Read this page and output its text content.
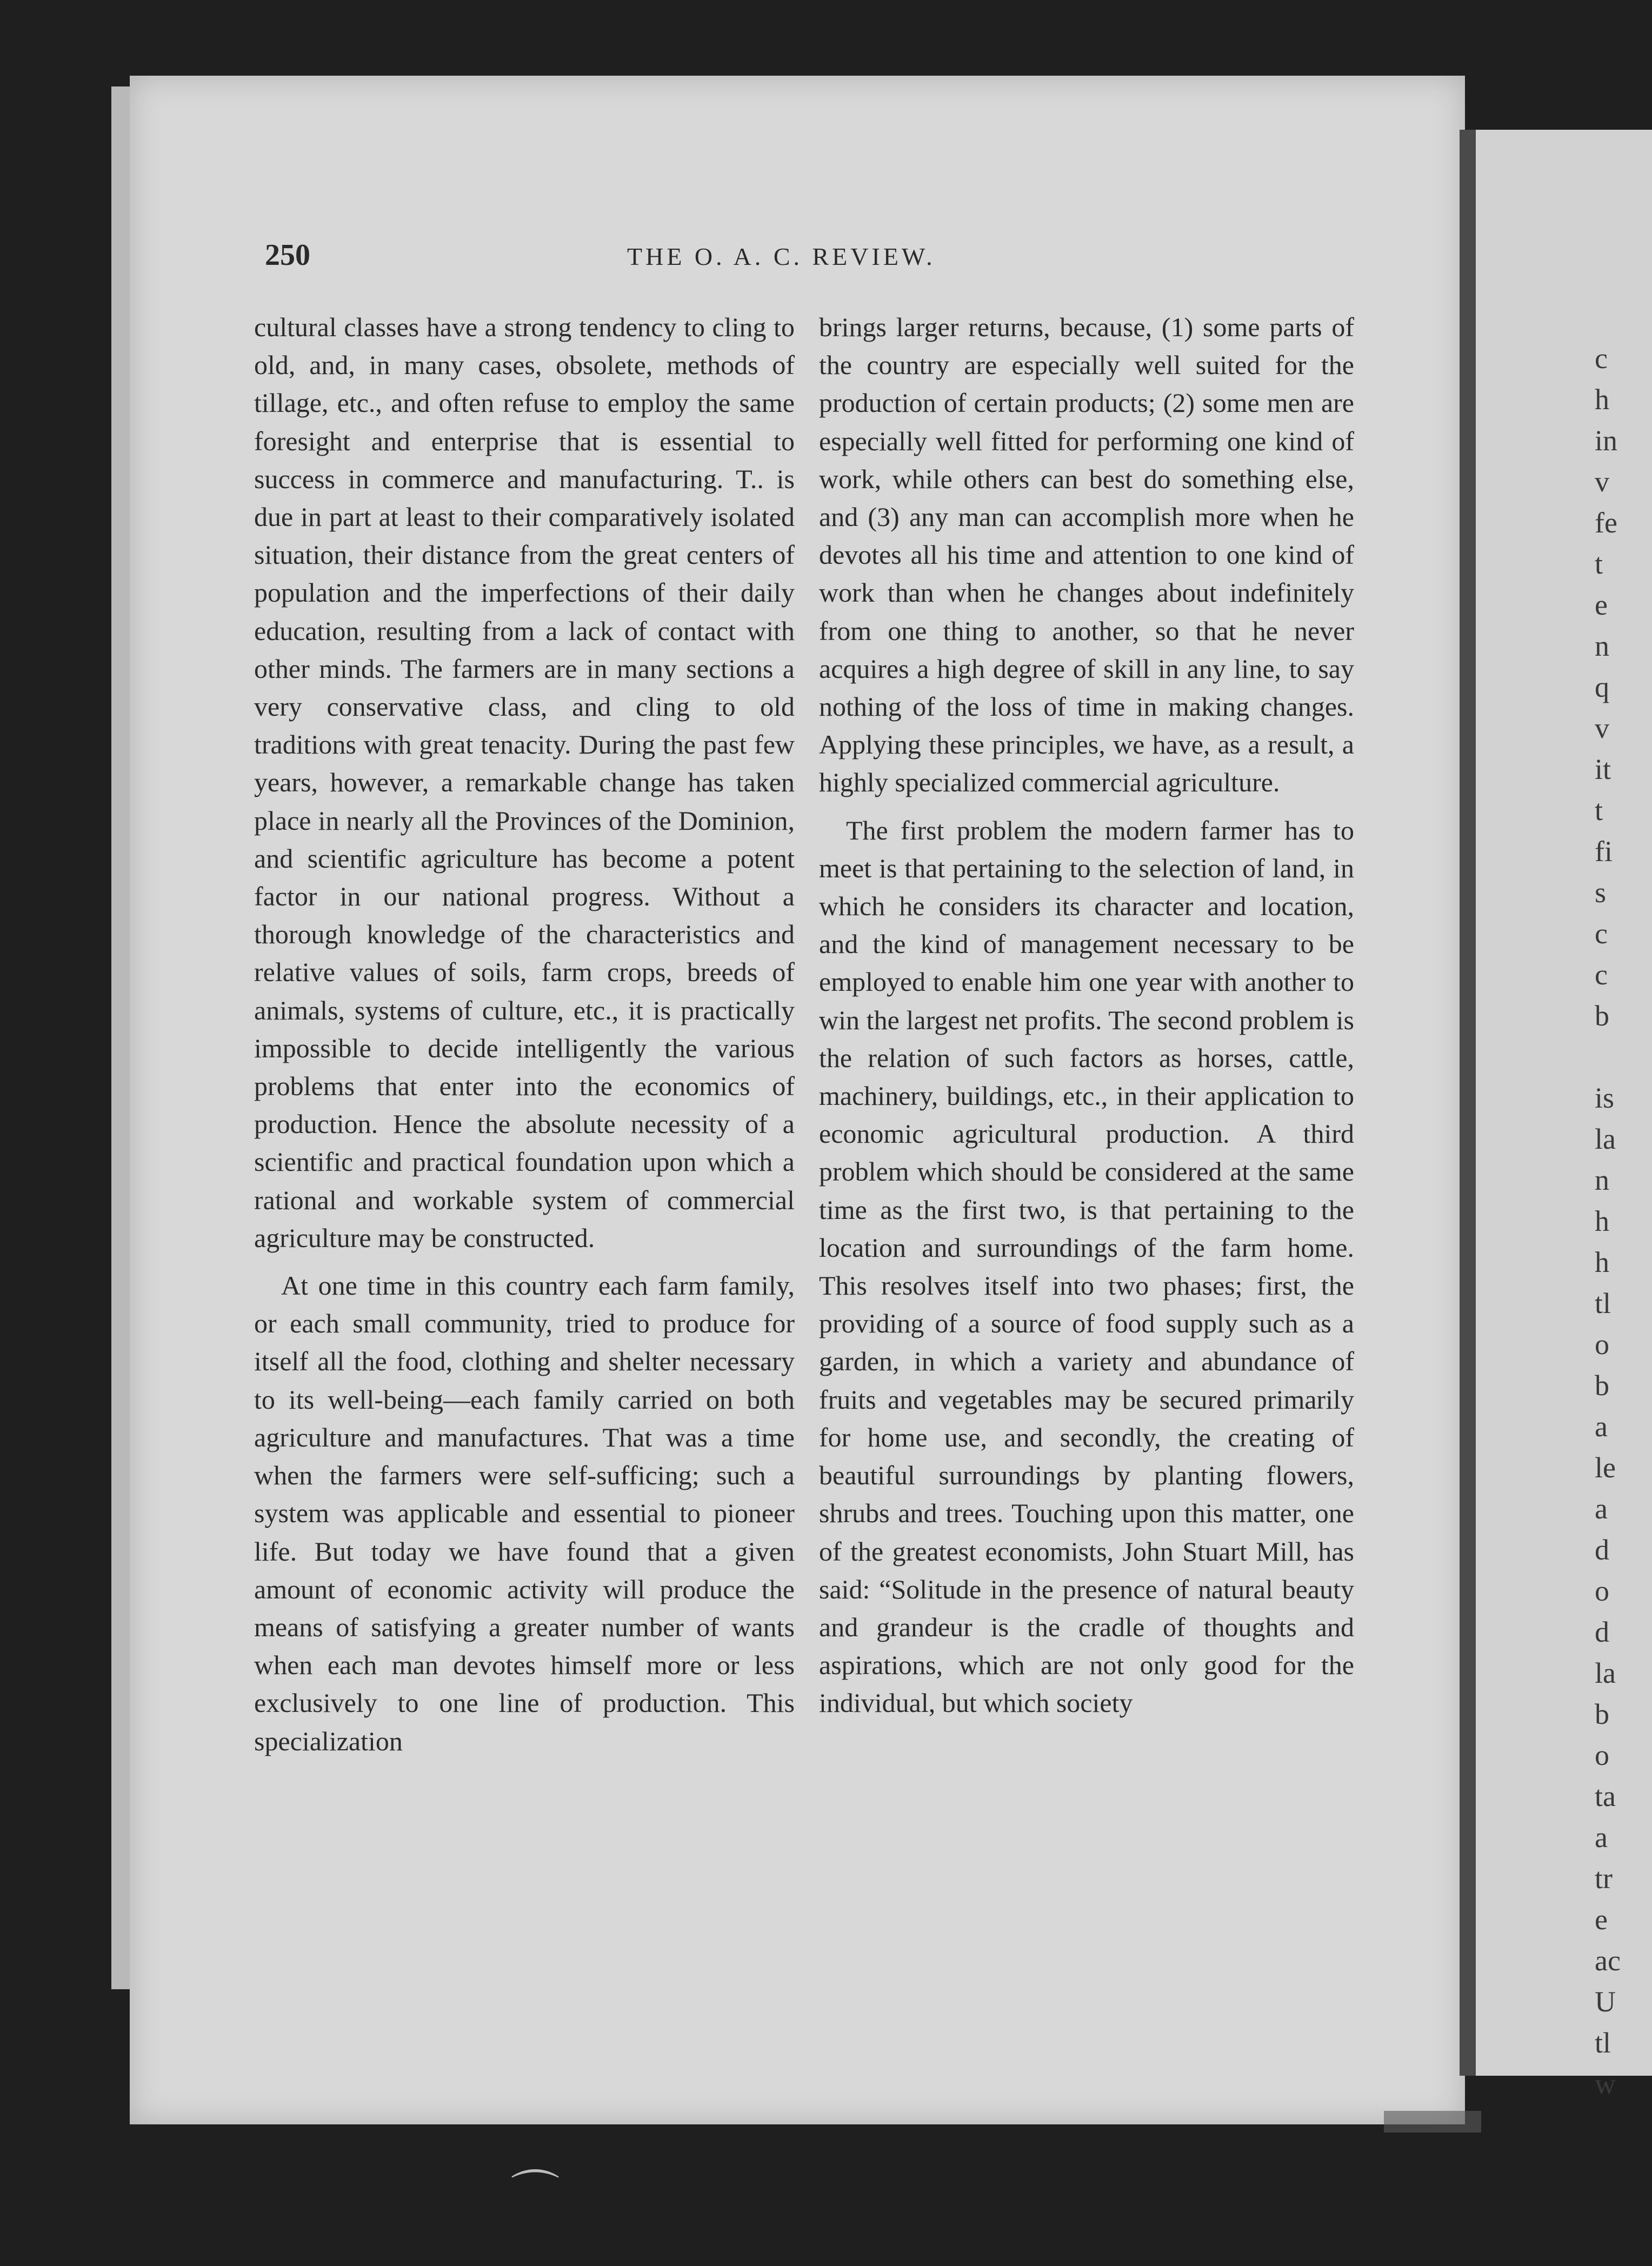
c
h
in
v
fe
t
e
n
q
v
it
t
fi
s
c
c
b
is
la
n
h
h
tl
o
b
a
le
a
d
o
d
la
b
o
ta
a
tr
e
ac
U
tl
w
250	THE O. A. C. REVIEW.

cultural classes have a strong tendency to cling to old, and, in many cases, obsolete, methods of tillage, etc., and often refuse to employ the same foresight and enterprise that is essential to success in commerce and manufacturing. T.. is due in part at least to their comparatively isolated situation, their distance from the great centers of population and the imperfections of their daily education, resulting from a lack of contact with other minds. The farmers are in many sections a very conservative class, and cling to old traditions with great tenacity. During the past few years, however, a remarkable change has taken place in nearly all the Provinces of the Dominion, and scientific agriculture has become a potent factor in our national progress. Without a thorough knowledge of the characteristics and relative values of soils, farm crops, breeds of animals, systems of culture, etc., it is practically impossible to decide intelligently the various problems that enter into the economics of production. Hence the absolute necessity of a scientific and practical foundation upon which a rational and workable system of commercial agriculture may be constructed.

At one time in this country each farm family, or each small community, tried to produce for itself all the food, clothing and shelter necessary to its well-being—each family carried on both agriculture and manufactures. That was a time when the farmers were self-sufficing; such a system was applicable and essential to pioneer life. But today we have found that a given amount of economic activity will produce the means of satisfying a greater number of wants when each man devotes himself more or less exclusively to one line of production. This specialization

brings larger returns, because, (1) some parts of the country are especially well suited for the production of certain products; (2) some men are especially well fitted for performing one kind of work, while others can best do something else, and (3) any man can accomplish more when he devotes all his time and attention to one kind of work than when he changes about indefinitely from one thing to another, so that he never acquires a high degree of skill in any line, to say nothing of the loss of time in making changes. Applying these principles, we have, as a result, a highly specialized commercial agriculture.

The first problem the modern farmer has to meet is that pertaining to the selection of land, in which he considers its character and location, and the kind of management necessary to be employed to enable him one year with another to win the largest net profits. The second problem is the relation of such factors as horses, cattle, machinery, buildings, etc., in their application to economic agricultural production. A third problem which should be considered at the same time as the first two, is that pertaining to the location and surroundings of the farm home. This resolves itself into two phases; first, the providing of a source of food supply such as a garden, in which a variety and abundance of fruits and vegetables may be secured primarily for home use, and secondly, the creating of beautiful surroundings by planting flowers, shrubs and trees. Touching upon this matter, one of the greatest economists, John Stuart Mill, has said: “Solitude in the presence of natural beauty and grandeur is the cradle of thoughts and aspirations, which are not only good for the individual, but which society

⌒
